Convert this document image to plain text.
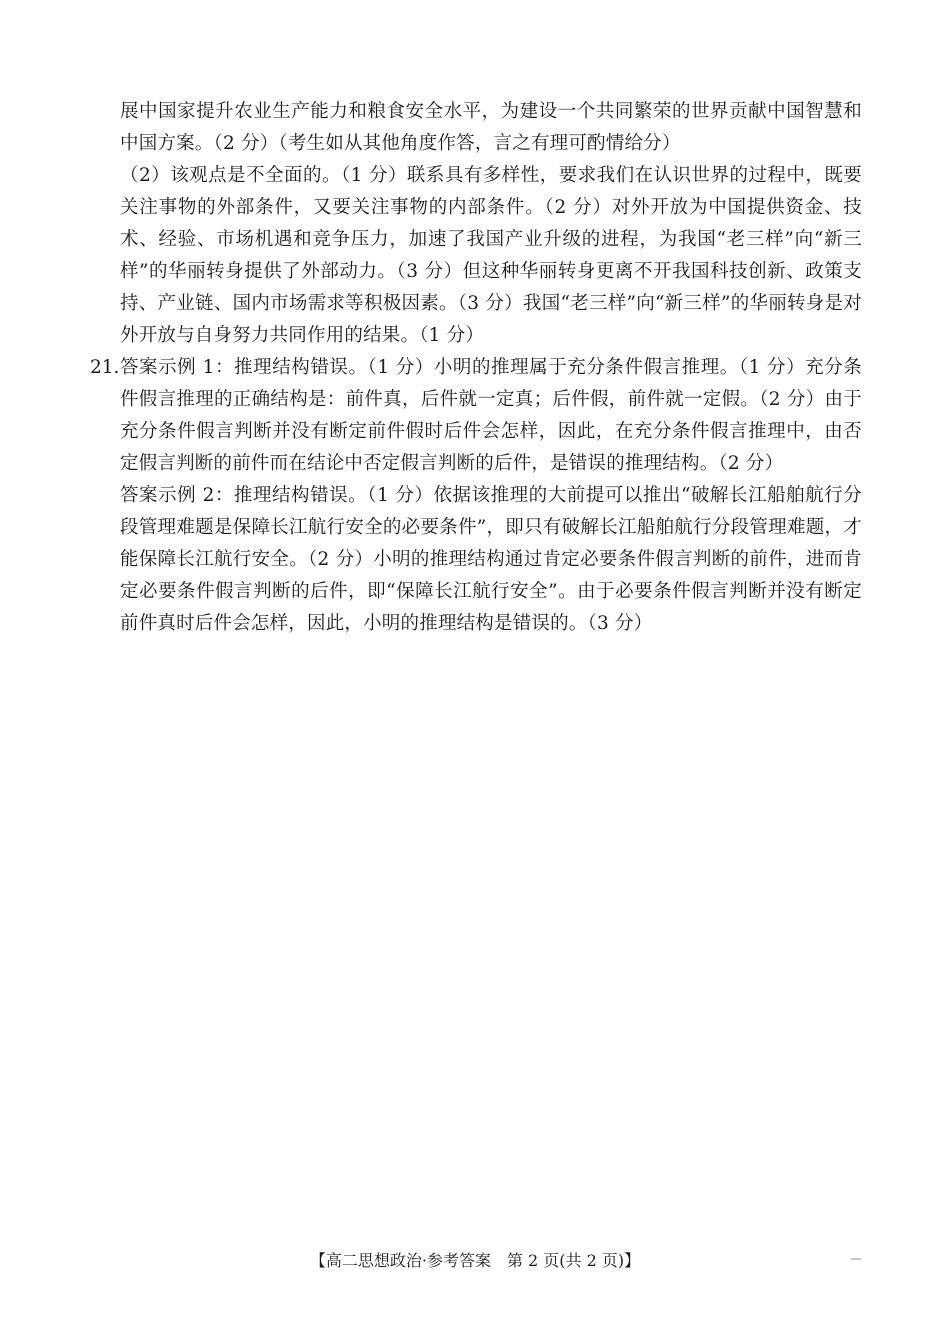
展中国家提升农业生产能力和粮食安全水平，为建设一个共同繁荣的世界贡献中国智慧和中国方案。（2 分）（考生如从其他角度作答，言之有理可酌情给分）

（2）该观点是不全面的。（1 分）联系具有多样性，要求我们在认识世界的过程中，既要关注事物的外部条件，又要关注事物的内部条件。（2 分）对外开放为中国提供资金、技术、经验、市场机遇和竞争压力，加速了我国产业升级的进程，为我国“老三样”向“新三样”的华丽转身提供了外部动力。（3 分）但这种华丽转身更离不开我国科技创新、政策支持、产业链、国内市场需求等积极因素。（3 分）我国“老三样”向“新三样”的华丽转身是对外开放与自身努力共同作用的结果。（1 分）

21. 答案示例 1：推理结构错误。（1 分）小明的推理属于充分条件假言推理。（1 分）充分条件假言推理的正确结构是：前件真，后件就一定真；后件假，前件就一定假。（2 分）由于充分条件假言判断并没有断定前件假时后件会怎样，因此，在充分条件假言推理中，由否定假言判断的前件而在结论中否定假言判断的后件，是错误的推理结构。（2 分）

答案示例 2：推理结构错误。（1 分）依据该推理的大前提可以推出“破解长江船舶航行分段管理难题是保障长江航行安全的必要条件”，即只有破解长江船舶航行分段管理难题，才能保障长江航行安全。（2 分）小明的推理结构通过肯定必要条件假言判断的前件，进而肯定必要条件假言判断的后件，即“保障长江航行安全”。由于必要条件假言判断并没有断定前件真时后件会怎样，因此，小明的推理结构是错误的。（3 分）

【高二思想政治·参考答案　第 2 页(共 2 页)】
